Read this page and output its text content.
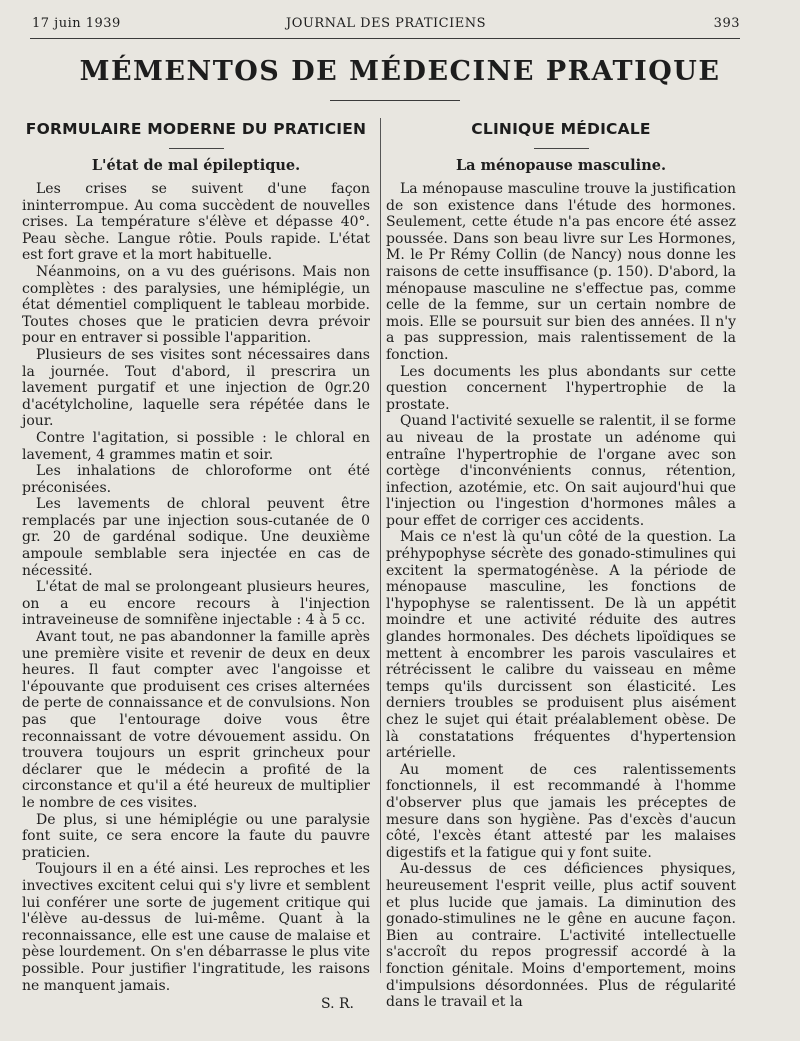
17 juin 1939	JOURNAL DES PRATICIENS	393
MÉMENTOS DE MÉDECINE PRATIQUE
FORMULAIRE MODERNE DU PRATICIEN
L'état de mal épileptique.

Les crises se suivent d'une façon ininterrompue. Au coma succèdent de nouvelles crises. La température s'élève et dépasse 40°. Peau sèche. Langue rôtie. Pouls rapide. L'état est fort grave et la mort habituelle.

Néanmoins, on a vu des guérisons. Mais non complètes : des paralysies, une hémiplégie, un état démentiel compliquent le tableau morbide. Toutes choses que le praticien devra prévoir pour en entraver si possible l'apparition.

Plusieurs de ses visites sont nécessaires dans la journée. Tout d'abord, il prescrira un lavement purgatif et une injection de 0gr.20 d'acétylcholine, laquelle sera répétée dans le jour.

Contre l'agitation, si possible : le chloral en lavement, 4 grammes matin et soir.

Les inhalations de chloroforme ont été préconisées.

Les lavements de chloral peuvent être remplacés par une injection sous-cutanée de 0 gr. 20 de gardénal sodique. Une deuxième ampoule semblable sera injectée en cas de nécessité.

L'état de mal se prolongeant plusieurs heures, on a eu encore recours à l'injection intraveineuse de somnifène injectable : 4 à 5 cc.

Avant tout, ne pas abandonner la famille après une première visite et revenir de deux en deux heures. Il faut compter avec l'angoisse et l'épouvante que produisent ces crises alternées de perte de connaissance et de convulsions. Non pas que l'entourage doive vous être reconnaissant de votre dévouement assidu. On trouvera toujours un esprit grincheux pour déclarer que le médecin a profité de la circonstance et qu'il a été heureux de multiplier le nombre de ces visites.

De plus, si une hémiplégie ou une paralysie font suite, ce sera encore la faute du pauvre praticien.

Toujours il en a été ainsi. Les reproches et les invectives excitent celui qui s'y livre et semblent lui conférer une sorte de jugement critique qui l'élève au-dessus de lui-même. Quant à la reconnaissance, elle est une cause de malaise et pèse lourdement. On s'en débarrasse le plus vite possible. Pour justifier l'ingratitude, les raisons ne manquent jamais.

S. R.
CLINIQUE MÉDICALE
La ménopause masculine.

La ménopause masculine trouve la justification de son existence dans l'étude des hormones. Seulement, cette étude n'a pas encore été assez poussée. Dans son beau livre sur Les Hormones, M. le Pr Rémy Collin (de Nancy) nous donne les raisons de cette insuffisance (p. 150). D'abord, la ménopause masculine ne s'effectue pas, comme celle de la femme, sur un certain nombre de mois. Elle se poursuit sur bien des années. Il n'y a pas suppression, mais ralentissement de la fonction.

Les documents les plus abondants sur cette question concernent l'hypertrophie de la prostate.

Quand l'activité sexuelle se ralentit, il se forme au niveau de la prostate un adénome qui entraîne l'hypertrophie de l'organe avec son cortège d'inconvénients connus, rétention, infection, azotémie, etc. On sait aujourd'hui que l'injection ou l'ingestion d'hormones mâles a pour effet de corriger ces accidents.

Mais ce n'est là qu'un côté de la question. La préhypophyse sécrète des gonado-stimulines qui excitent la spermatogénèse. A la période de ménopause masculine, les fonctions de l'hypophyse se ralentissent. De là un appétit moindre et une activité réduite des autres glandes hormonales. Des déchets lipoïdiques se mettent à encombrer les parois vasculaires et rétrécissent le calibre du vaisseau en même temps qu'ils durcissent son élasticité. Les derniers troubles se produisent plus aisément chez le sujet qui était préalablement obèse. De là constatations fréquentes d'hypertension artérielle.

Au moment de ces ralentissements fonctionnels, il est recommandé à l'homme d'observer plus que jamais les préceptes de mesure dans son hygiène. Pas d'excès d'aucun côté, l'excès étant attesté par les malaises digestifs et la fatigue qui y font suite.

Au-dessus de ces déficiences physiques, heureusement l'esprit veille, plus actif souvent et plus lucide que jamais. La diminution des gonado-stimulines ne le gêne en aucune façon. Bien au contraire. L'activité intellectuelle s'accroît du repos progressif accordé à la fonction génitale. Moins d'emportement, moins d'impulsions désordonnées. Plus de régularité dans le travail et la
